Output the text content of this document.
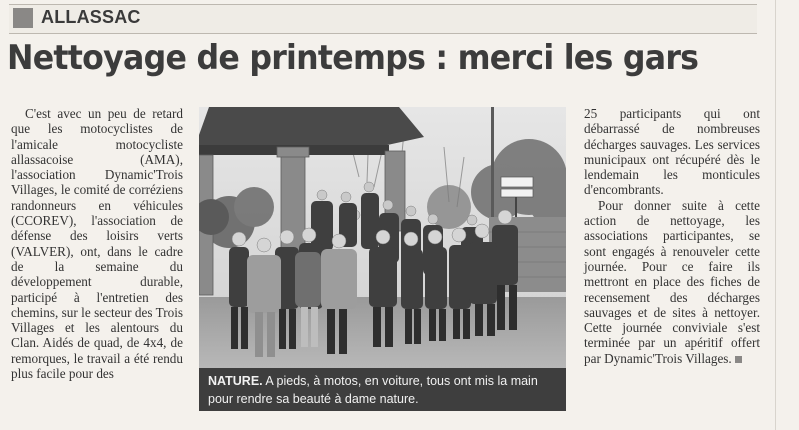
ALLASSAC
Nettoyage de printemps : merci les gars

C'est avec un peu de retard que les motocyclistes de l'amicale motocycliste allassacoise (AMA), l'association Dynamic'Trois Villages, le comité de corréziens randonneurs en véhicules (CCOREV), l'association de défense des loisirs verts (VALVER), ont, dans le cadre de la semaine du développement durable, participé à l'entretien des chemins, sur le secteur des Trois Villages et les alentours du Clan. Aidés de quad, de 4x4, de remorques, le travail a été rendu plus facile pour des	NATURE. A pieds, à motos, en voiture, tous ont mis la main pour rendre sa beauté à dame nature.

25 participants qui ont débarrassé de nombreuses décharges sauvages. Les services municipaux ont récupéré dès le lendemain les monticules d'encombrants.

Pour donner suite à cette action de nettoyage, les associations participantes, se sont engagés à renouveler cette journée. Pour ce faire ils mettront en place des fiches de recensement des décharges sauvages et de sites à nettoyer. Cette journée conviviale s'est terminée par un apéritif offert par Dynamic'Trois Villages.
